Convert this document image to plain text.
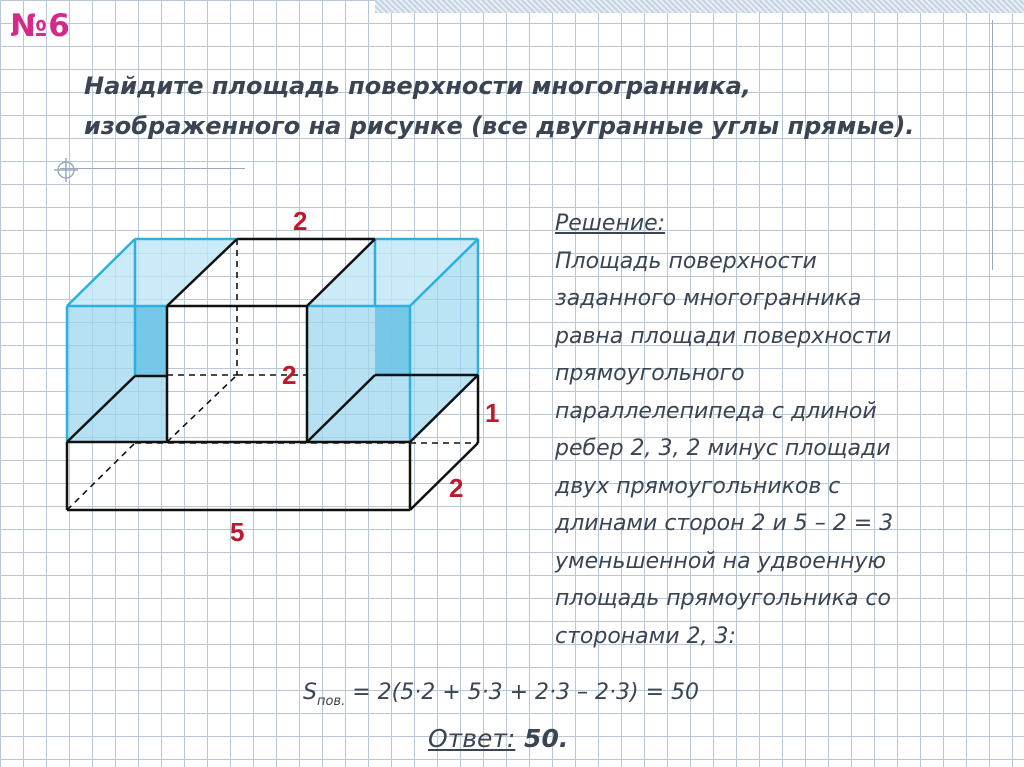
№6
Найдите площадь поверхности многогранника,
изображенного на рисунке (все двугранные углы прямые).
2
2
1
2
5
Решение:
Площадь поверхности
заданного многогранника
равна площади поверхности
прямоугольного
параллелепипеда с длиной
ребер 2, 3, 2 минус площади
двух прямоугольников с
длинами сторон 2 и 5 – 2 = 3
уменьшенной на удвоенную
площадь прямоугольника со
сторонами 2, 3:
$S_{пов.} = 2(5\cdot 2 + 5\cdot 3 + 2\cdot 3 - 2\cdot 3) = 50$
Ответ: 50.
